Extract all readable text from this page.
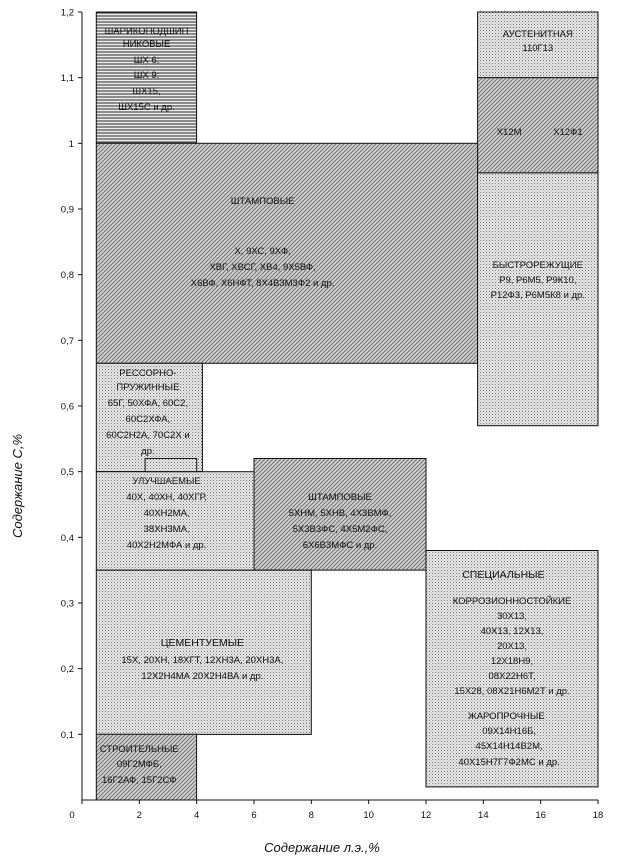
0,1
0,2
0,3
0,4
0,5
0,6
0,7
0,8
0,9
1
1,1
1,2
0	2	4	6	8	10	12	14	16	18
Содержание л.э.,%
Содержание С,%
ШАРИКОПОДШИП
НИКОВЫЕ
ШХ 6;
ШХ 9;
ШХ15,
ШХ15С и др.
АУСТЕНИТНАЯ
110Г13
Х12М	Х12Ф1
ШТАМПОВЫЕ
Х, 9ХС, 9ХФ,
ХВГ, ХВСГ, ХВ4, 9Х5ВФ,
Х6ВФ, Х6НФТ, 8Х4В3М3Ф2 и др.
БЫСТРОРЕЖУЩИЕ
Р9, Р6М5, Р9К10,
Р12Ф3, Р6М5К8 и др.
РЕССОРНО-
ПРУЖИННЫЕ
65Г, 50ХФА, 60С2,
60С2ХФА,
60С2Н2А, 70С2Х и
др.
УЛУЧШАЕМЫЕ
40Х, 40ХН, 40ХГР,
40ХН2МА,
38ХН3МА,
40Х2Н2МФА и др.
ШТАМПОВЫЕ
5ХНМ, 5ХНВ, 4Х3ВМФ,
5Х3В3ФС, 4Х5М2ФС,
6Х6В3МФС и др.
СПЕЦИАЛЬНЫЕ
КОРРОЗИОННОСТОЙКИЕ
30Х13,
40Х13, 12Х13,
20Х13,
12Х18Н9,
08Х22Н6Т,
15Х28, 08Х21Н6М2Т и др.
ЖАРОПРОЧНЫЕ
09Х14Н16Б,
45Х14Н14В2М,
40Х15Н7Г7Ф2МС и др.
ЦЕМЕНТУЕМЫЕ
15Х, 20ХН, 18ХГТ, 12ХН3А, 20ХН3А,
12Х2Н4МА 20Х2Н4ВА и др.
СТРОИТЕЛЬНЫЕ
09Г2МФБ,
16Г2АФ, 15Г2СФ
